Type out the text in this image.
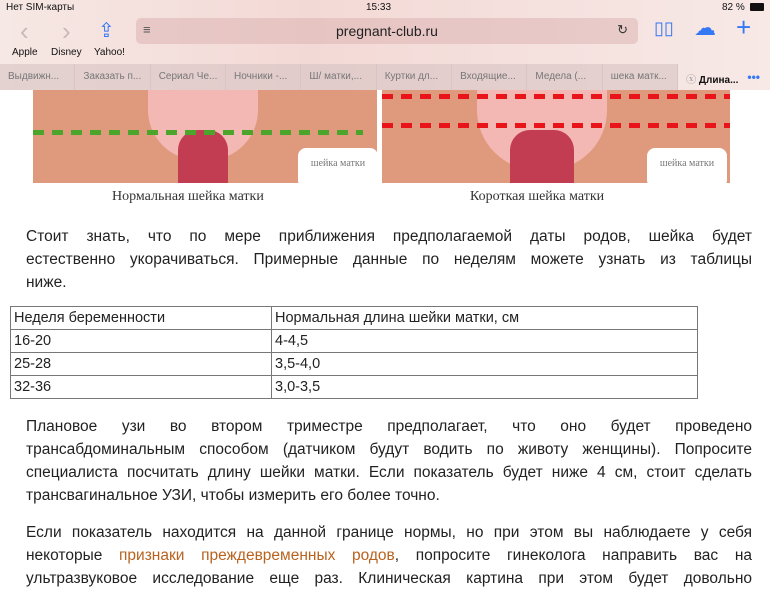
Нет SIM-карты	15:33	82 %
‹ › ⇪ ≡	pregnant-club.ru	↻ ▯▯ ☁ +
Apple Disney Yahoo!
Выдвижн...	Заказать п...	Сериал Че...	Ночники -...	Ш/ матки,...	Куртки дл...	Входящие...	Медела (...	шека матк...	ⓧ Длина... •••
шейка матки	шейка матки
Нормальная шейка матки	Короткая шейка матки
Стоит знать, что по мере приближения предполагаемой даты родов, шейка будет
естественно укорачиваться. Примерные данные по неделям можете узнать из таблицы
ниже.
Неделя беременности	Нормальная длина шейки матки, см
16-20	4-4,5
25-28	3,5-4,0
32-36	3,0-3,5
Плановое узи во втором триместре предполагает, что оно будет проведено
трансабдоминальным способом (датчиком будут водить по животу женщины). Попросите
специалиста посчитать длину шейки матки. Если показатель будет ниже 4 см, стоит сделать
трансвагинальное УЗИ, чтобы измерить его более точно.
Если показатель находится на данной границе нормы, но при этом вы наблюдаете у себя
некоторые признаки преждевременных родов, попросите гинеколога направить вас на
ультразвуковое исследование еще раз. Клиническая картина при этом будет довольно
